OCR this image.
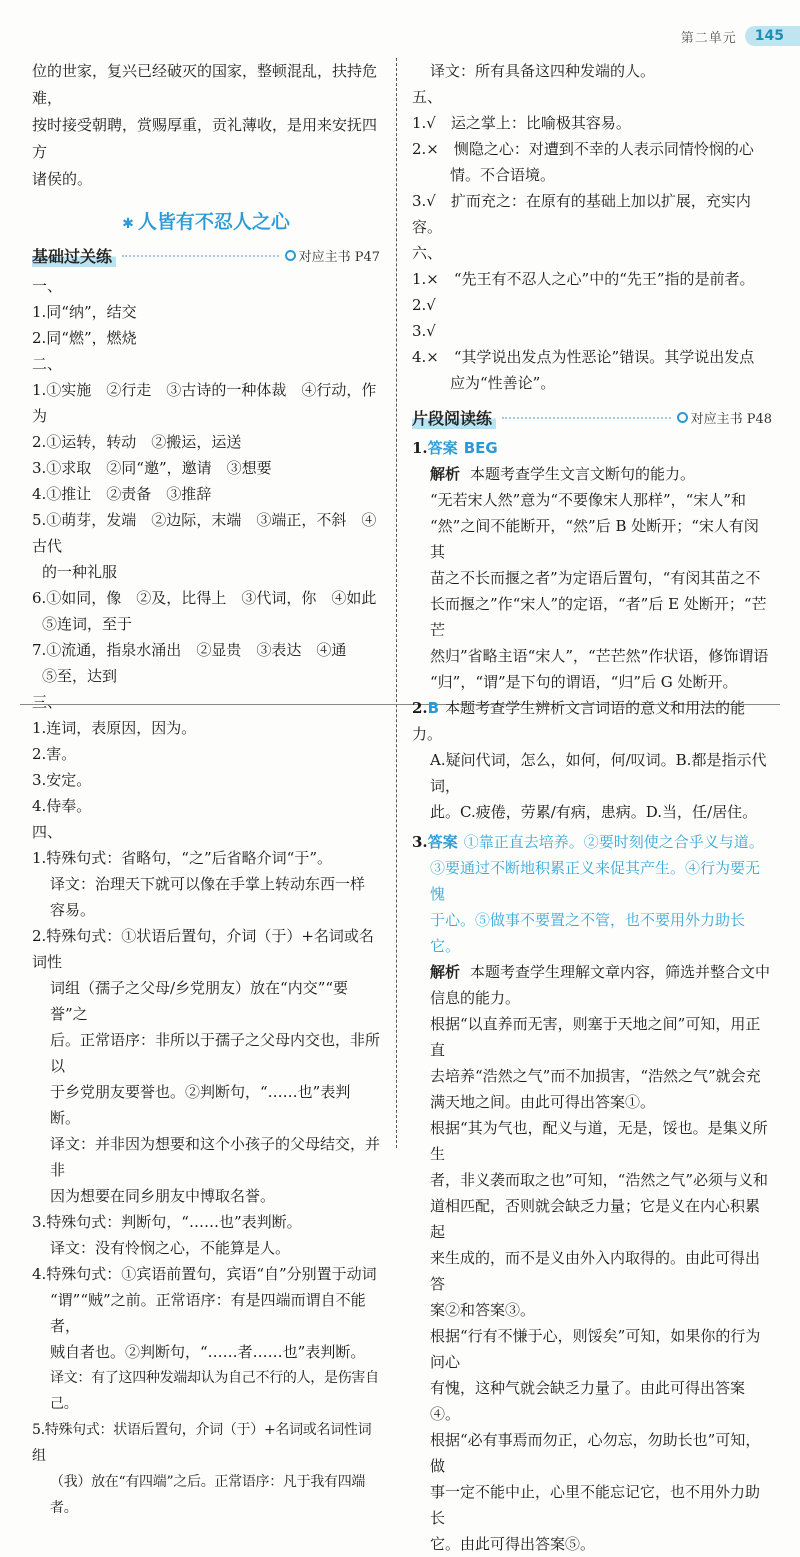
第二单元	145

位的世家，复兴已经破灭的国家，整顿混乱，扶持危难，

按时接受朝聘，赏赐厚重，贡礼薄收，是用来安抚四方

诸侯的。

✱ 人皆有不忍人之心
基础过关练	对应主书 P47

一、

1.同“纳”，结交

2.同“燃”，燃烧

二、

1.①实施　②行走　③古诗的一种体裁　④行动，作为

2.①运转，转动　②搬运，运送

3.①求取　②同“邀”，邀请　③想要

4.①推让　②责备　③推辞

5.①萌芽，发端　②边际，末端　③端正，不斜　④古代

的一种礼服

6.①如同，像　②及，比得上　③代词，你　④如此

⑤连词，至于

7.①流通，指泉水涌出　②显贵　③表达　④通

⑤至，达到

三、

1.连词，表原因，因为。

2.害。

3.安定。

4.侍奉。

四、

1.特殊句式：省略句，“之”后省略介词“于”。

译文：治理天下就可以像在手掌上转动东西一样

容易。

2.特殊句式：①状语后置句，介词（于）+名词或名词性

词组（孺子之父母/乡党朋友）放在“内交”“要誉”之

后。正常语序：非所以于孺子之父母内交也，非所以

于乡党朋友要誉也。②判断句，“……也”表判断。

译文：并非因为想要和这个小孩子的父母结交，并非

因为想要在同乡朋友中博取名誉。

3.特殊句式：判断句，“……也”表判断。

译文：没有怜悯之心，不能算是人。

4.特殊句式：①宾语前置句，宾语“自”分别置于动词

“谓”“贼”之前。正常语序：有是四端而谓自不能者，

贼自者也。②判断句，“……者……也”表判断。

译文：有了这四种发端却认为自己不行的人，是伤害自己。

5.特殊句式：状语后置句，介词（于）+名词或名词性词组

（我）放在“有四端”之后。正常语序：凡于我有四端者。

译文：所有具备这四种发端的人。

五、

1.√　运之掌上：比喻极其容易。

2.×　恻隐之心：对遭到不幸的人表示同情怜悯的心

情。不合语境。

3.√　扩而充之：在原有的基础上加以扩展，充实内容。

六、

1.×　“先王有不忍人之心”中的“先王”指的是前者。

2.√

3.√

4.×　“其学说出发点为性恶论”错误。其学说出发点

应为“性善论”。

片段阅读练	对应主书 P48

1.答案 BEG

解析 本题考查学生文言文断句的能力。

“无若宋人然”意为“不要像宋人那样”，“宋人”和

“然”之间不能断开，“然”后 B 处断开；“宋人有闵其

苗之不长而揠之者”为定语后置句，“有闵其苗之不

长而揠之”作“宋人”的定语，“者”后 E 处断开；“芒芒

然归”省略主语“宋人”，“芒芒然”作状语，修饰谓语

“归”，“谓”是下句的谓语，“归”后 G 处断开。

2.B 本题考查学生辨析文言词语的意义和用法的能力。

A.疑问代词，怎么，如何，何/叹词。B.都是指示代词，

此。C.疲倦，劳累/有病，患病。D.当，任/居住。

3.答案 ①靠正直去培养。②要时刻使之合乎义与道。

③要通过不断地积累正义来促其产生。④行为要无愧

于心。⑤做事不要置之不管，也不要用外力助长它。

解析 本题考查学生理解文章内容，筛选并整合文中

信息的能力。

根据“以直养而无害，则塞于天地之间”可知，用正直

去培养“浩然之气”而不加损害，“浩然之气”就会充

满天地之间。由此可得出答案①。

根据“其为气也，配义与道，无是，馁也。是集义所生

者，非义袭而取之也”可知，“浩然之气”必须与义和

道相匹配，否则就会缺乏力量；它是义在内心积累起

来生成的，而不是义由外入内取得的。由此可得出答

案②和答案③。

根据“行有不慊于心，则馁矣”可知，如果你的行为问心

有愧，这种气就会缺乏力量了。由此可得出答案④。

根据“必有事焉而勿正，心勿忘，勿助长也”可知，做

事一定不能中止，心里不能忘记它，也不用外力助长

它。由此可得出答案⑤。
